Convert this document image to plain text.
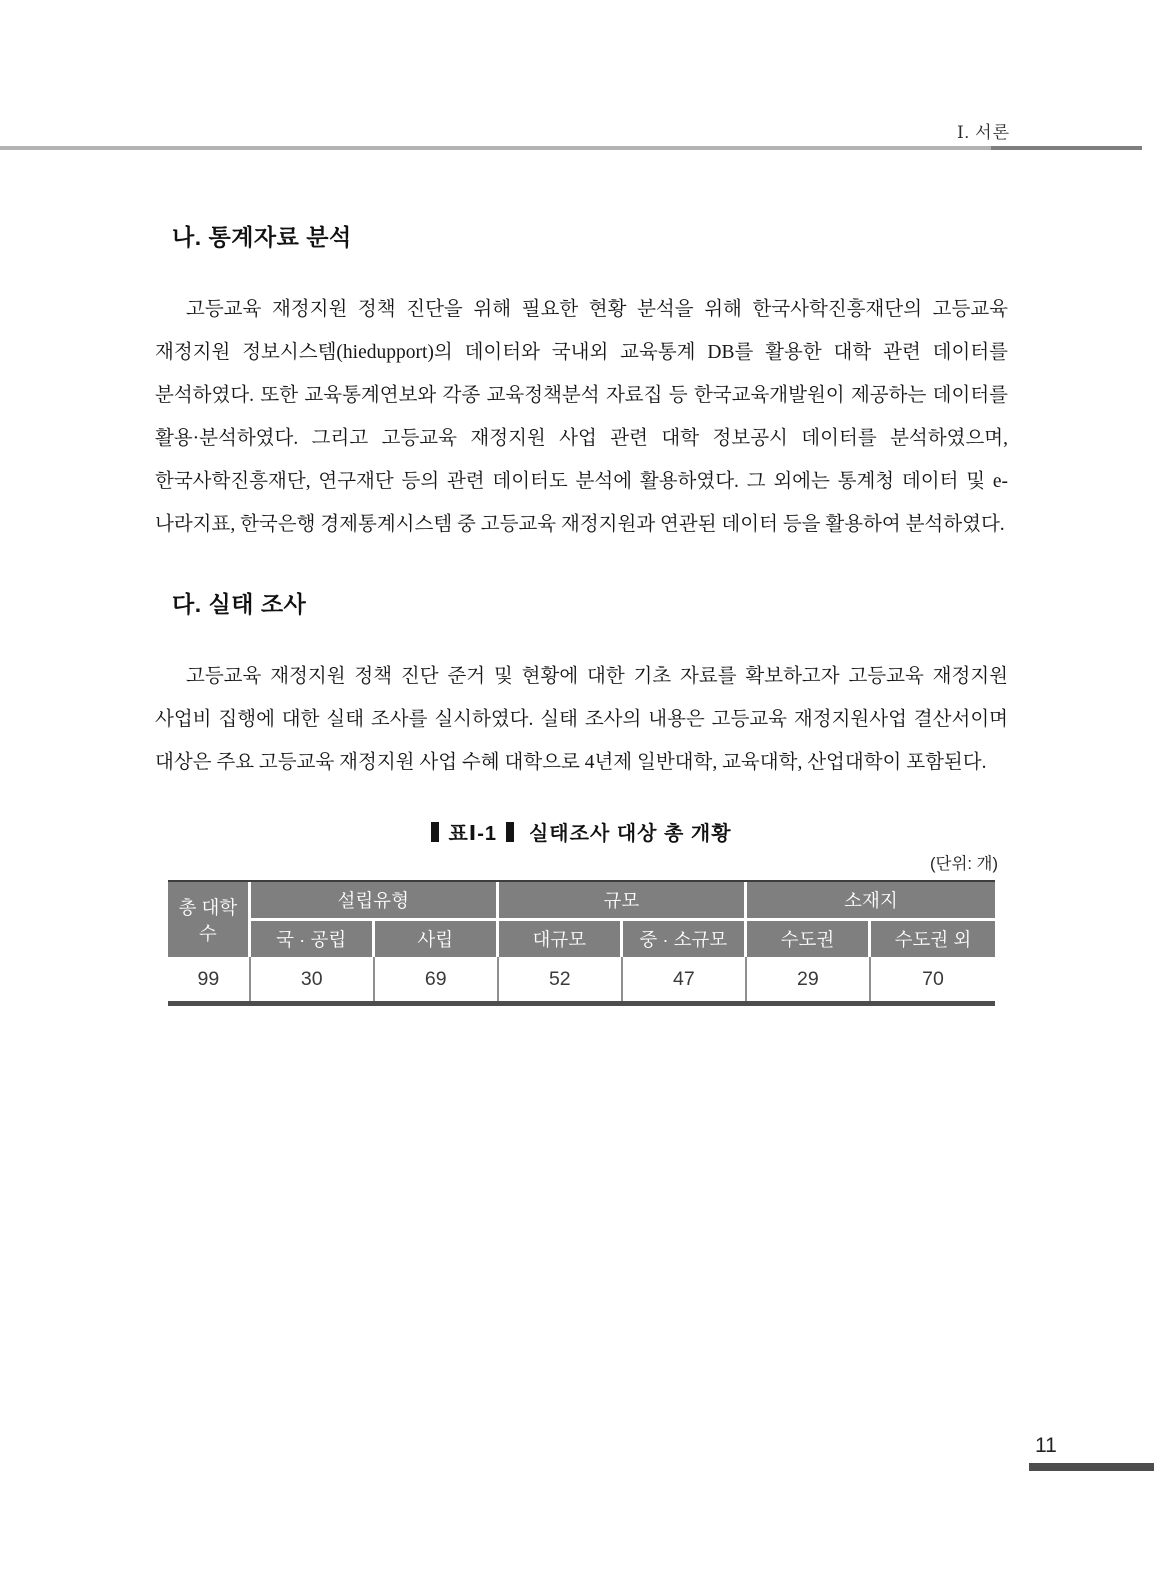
Ⅰ. 서론
나. 통계자료 분석

고등교육 재정지원 정책 진단을 위해 필요한 현황 분석을 위해 한국사학진흥재단의 고등교육 재정지원 정보시스템(hiedupport)의 데이터와 국내외 교육통계 DB를 활용한 대학 관련 데이터를 분석하였다. 또한 교육통계연보와 각종 교육정책분석 자료집 등 한국교육개발원이 제공하는 데이터를 활용·분석하였다. 그리고 고등교육 재정지원 사업 관련 대학 정보공시 데이터를 분석하였으며, 한국사학진흥재단, 연구재단 등의 관련 데이터도 분석에 활용하였다. 그 외에는 통계청 데이터 및 e-나라지표, 한국은행 경제통계시스템 중 고등교육 재정지원과 연관된 데이터 등을 활용하여 분석하였다.

다. 실태 조사

고등교육 재정지원 정책 진단 준거 및 현황에 대한 기초 자료를 확보하고자 고등교육 재정지원 사업비 집행에 대한 실태 조사를 실시하였다. 실태 조사의 내용은 고등교육 재정지원사업 결산서이며 대상은 주요 고등교육 재정지원 사업 수혜 대학으로 4년제 일반대학, 교육대학, 산업대학이 포함된다.

표Ⅰ-1 실태조사 대상 총 개황
(단위: 개)
총 대학수	설립유형		규모		소재지	
	국 · 공립	사립	대규모	중 · 소규모	수도권	수도권 외
99	30	69	52	47	29	70
11
